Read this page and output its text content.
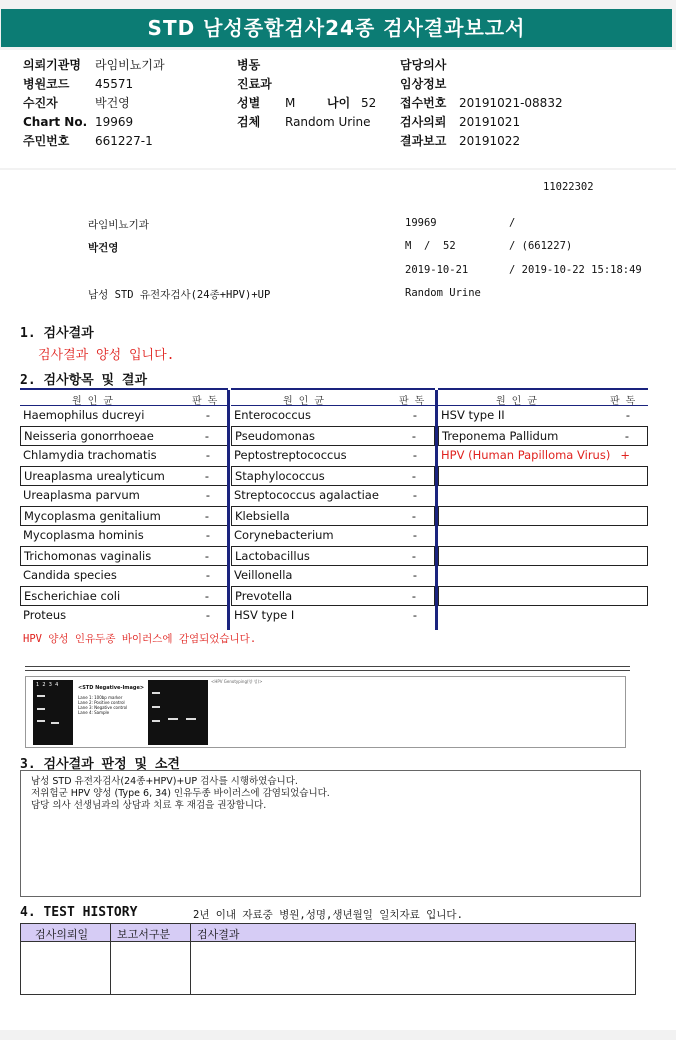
STD 남성종합검사24종 검사결과보고서
의뢰기관명 라임비뇨기과	병동	담당의사
병원코드 45571	진료과	임상정보
수진자	박건영	성별 M	나이 52 접수번호 20191021-08832
Chart No. 19969	검체 Random Urine 검사의뢰 20191021
주민번호 661227-1	결과보고 20191022
11022302
라임비뇨기과	19969	/
박건영	M / 52	/ (661227)
2019-10-21	/ 2019-10-22 15:18:49
남성 STD 유전자검사(24종+HPV)+UP	Random Urine
1. 검사결과
검사결과 양성 입니다.
2. 검사항목 및 결과
원 인 균	판 독
Haemophilus ducreyi	-
Neisseria gonorrhoeae	-
Chlamydia trachomatis	-
Ureaplasma urealyticum	-
Ureaplasma parvum	-
Mycoplasma genitalium	-
Mycoplasma hominis	-
Trichomonas vaginalis	-
Candida species	-
Escherichiae coli	-
Proteus	-
원 인 균	판 독
Enterococcus	-
Pseudomonas	-
Peptostreptococcus	-
Staphylococcus	-
Streptococcus agalactiae	-
Klebsiella	-
Corynebacterium	-
Lactobacillus	-
Veillonella	-
Prevotella	-
HSV type I	-
원 인 균	판 독
HSV type II	-
Treponema Pallidum	-
HPV (Human Papilloma Virus) +
HPV 양성 인유두종 바이러스에 감염되었습니다.
1  2  3  4	<STD Negative-Image>
Lane 1: 100bp marker
Lane 2: Positive control
Lane 3: Negative control
Lane 4: Sample
<HPV Genotyping(양 성)>
3. 검사결과 판정 및 소견
남성 STD 유전자검사(24종+HPV)+UP 검사를 시행하였습니다.
저위험군 HPV 양성 (Type 6, 34) 인유두종 바이러스에 감염되었습니다.
담당 의사 선생님과의 상담과 치료 후 재검을 권장합니다.
4. TEST HISTORY	2년 이내 자료중 병원,성명,생년월일 일치자료 입니다.
검사의뢰일	보고서구분 검사결과
